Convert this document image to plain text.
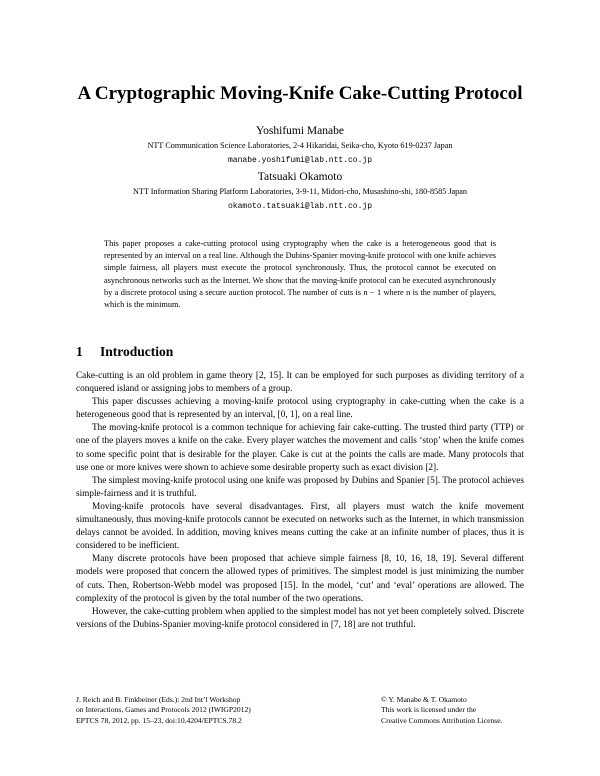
A Cryptographic Moving-Knife Cake-Cutting Protocol
Yoshifumi Manabe
NTT Communication Science Laboratories, 2-4 Hikaridai, Seika-cho, Kyoto 619-0237 Japan
manabe.yoshifumi@lab.ntt.co.jp
Tatsuaki Okamoto
NTT Information Sharing Platform Laboratories, 3-9-11, Midori-cho, Musashino-shi, 180-8585 Japan
okamoto.tatsuaki@lab.ntt.co.jp

This paper proposes a cake-cutting protocol using cryptography when the cake is a heterogeneous good that is represented by an interval on a real line. Although the Dubins-Spanier moving-knife protocol with one knife achieves simple fairness, all players must execute the protocol synchronously. Thus, the protocol cannot be executed on asynchronous networks such as the Internet. We show that the moving-knife protocol can be executed asynchronously by a discrete protocol using a secure auction protocol. The number of cuts is n − 1 where n is the number of players, which is the minimum.

1 Introduction

Cake-cutting is an old problem in game theory [2, 15]. It can be employed for such purposes as dividing territory of a conquered island or assigning jobs to members of a group.

This paper discusses achieving a moving-knife protocol using cryptography in cake-cutting when the cake is a heterogeneous good that is represented by an interval, [0, 1], on a real line.

The moving-knife protocol is a common technique for achieving fair cake-cutting. The trusted third party (TTP) or one of the players moves a knife on the cake. Every player watches the movement and calls ‘stop’ when the knife comes to some specific point that is desirable for the player. Cake is cut at the points the calls are made. Many protocols that use one or more knives were shown to achieve some desirable property such as exact division [2].

The simplest moving-knife protocol using one knife was proposed by Dubins and Spanier [5]. The protocol achieves simple-fairness and it is truthful.

Moving-knife protocols have several disadvantages. First, all players must watch the knife movement simultaneously, thus moving-knife protocols cannot be executed on networks such as the Internet, in which transmission delays cannot be avoided. In addition, moving knives means cutting the cake at an infinite number of places, thus it is considered to be inefficient.

Many discrete protocols have been proposed that achieve simple fairness [8, 10, 16, 18, 19]. Several different models were proposed that concern the allowed types of primitives. The simplest model is just minimizing the number of cuts. Then, Robertson-Webb model was proposed [15]. In the model, ‘cut’ and ‘eval’ operations are allowed. The complexity of the protocol is given by the total number of the two operations.

However, the cake-cutting problem when applied to the simplest model has not yet been completely solved. Discrete versions of the Dubins-Spanier moving-knife protocol considered in [7, 18] are not truthful.

J. Reich and B. Finkbeiner (Eds.): 2nd Int’l Workshop
on Interactions, Games and Protocols 2012 (IWIGP2012)
EPTCS 78, 2012, pp. 15–23, doi:10.4204/EPTCS.78.2
© Y. Manabe & T. Okamoto
This work is licensed under the
Creative Commons Attribution License.
